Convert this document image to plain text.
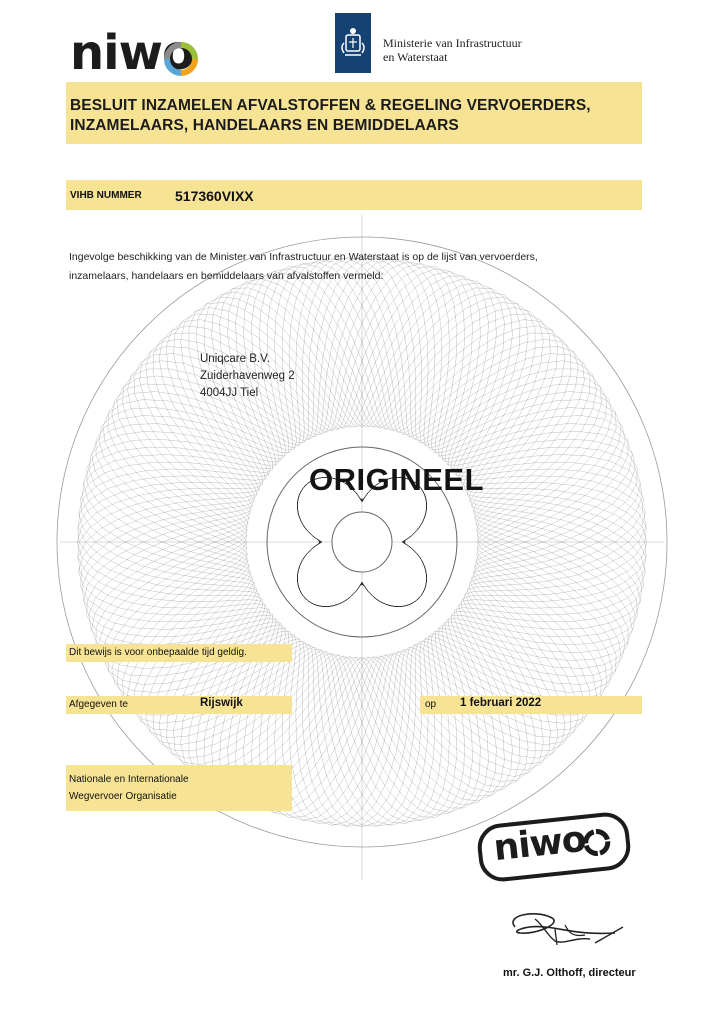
niwo	Ministerie van Infrastructuur
en Waterstaat
BESLUIT INZAMELEN AFVALSTOFFEN & REGELING VERVOERDERS,
INZAMELAARS, HANDELAARS EN BEMIDDELAARS
VIHB NUMMER 517360VIXX
Ingevolge beschikking van de Minister van Infrastructuur en Waterstaat is op de lijst van vervoerders,
inzamelaars, handelaars en bemiddelaars van afvalstoffen vermeld:
Uniqcare B.V.
Zuiderhavenweg 2
4004JJ Tiel
ORIGINEEL
Dit bewijs is voor onbepaalde tijd geldig.
Afgegeven te	Rijswijk	op 1 februari 2022
Nationale en Internationale
Wegvervoer Organisatie
niwo
mr. G.J. Olthoff, directeur
